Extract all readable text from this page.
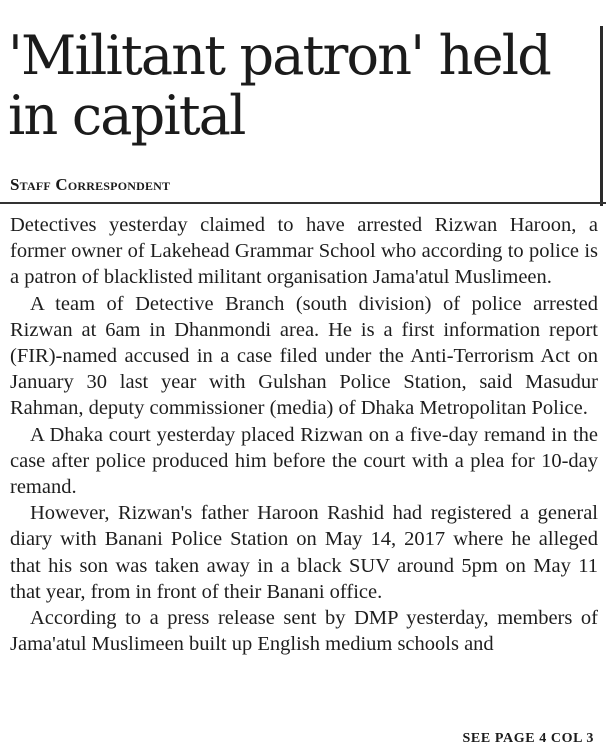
'Militant patron' held
in capital

Staff Correspondent

Detectives yesterday claimed to have arrested Rizwan Haroon, a former owner of Lakehead Grammar School who according to police is a patron of blacklisted militant organisation Jama'atul Muslimeen.

A team of Detective Branch (south division) of police arrested Rizwan at 6am in Dhanmondi area. He is a first information report (FIR)-named accused in a case filed under the Anti-Terrorism Act on January 30 last year with Gulshan Police Station, said Masudur Rahman, deputy commissioner (media) of Dhaka Metropolitan Police.

A Dhaka court yesterday placed Rizwan on a five-day remand in the case after police produced him before the court with a plea for 10-day remand.

However, Rizwan's father Haroon Rashid had registered a general diary with Banani Police Station on May 14, 2017 where he alleged that his son was taken away in a black SUV around 5pm on May 11 that year, from in front of their Banani office.

According to a press release sent by DMP yesterday, members of Jama'atul Muslimeen built up English medium schools and

SEE PAGE 4 COL 3
